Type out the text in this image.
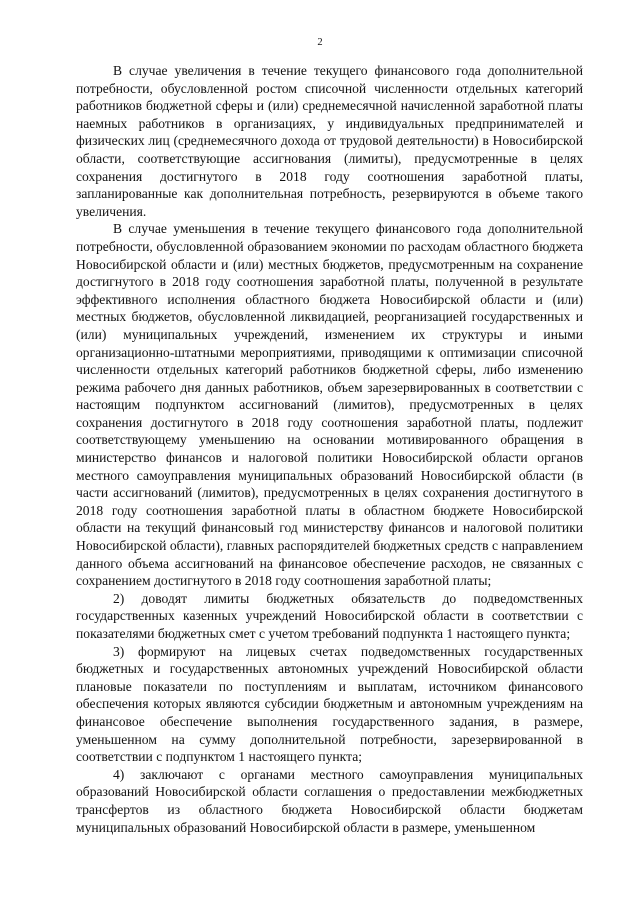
2

В случае увеличения в течение текущего финансового года дополнительной потребности, обусловленной ростом списочной численности отдельных категорий работников бюджетной сферы и (или) среднемесячной начисленной заработной платы наемных работников в организациях, у индивидуальных предпринимателей и физических лиц (среднемесячного дохода от трудовой деятельности) в Новосибирской области, соответствующие ассигнования (лимиты), предусмотренные в целях сохранения достигнутого в 2018 году соотношения заработной платы, запланированные как дополнительная потребность, резервируются в объеме такого увеличения.

В случае уменьшения в течение текущего финансового года дополнительной потребности, обусловленной образованием экономии по расходам областного бюджета Новосибирской области и (или) местных бюджетов, предусмотренным на сохранение достигнутого в 2018 году соотношения заработной платы, полученной в результате эффективного исполнения областного бюджета Новосибирской области и (или) местных бюджетов, обусловленной ликвидацией, реорганизацией государственных и (или) муниципальных учреждений, изменением их структуры и иными организационно-штатными мероприятиями, приводящими к оптимизации списочной численности отдельных категорий работников бюджетной сферы, либо изменению режима рабочего дня данных работников, объем зарезервированных в соответствии с настоящим подпунктом ассигнований (лимитов), предусмотренных в целях сохранения достигнутого в 2018 году соотношения заработной платы, подлежит соответствующему уменьшению на основании мотивированного обращения в министерство финансов и налоговой политики Новосибирской области органов местного самоуправления муниципальных образований Новосибирской области (в части ассигнований (лимитов), предусмотренных в целях сохранения достигнутого в 2018 году соотношения заработной платы в областном бюджете Новосибирской области на текущий финансовый год министерству финансов и налоговой политики Новосибирской области), главных распорядителей бюджетных средств с направлением данного объема ассигнований на финансовое обеспечение расходов, не связанных с сохранением достигнутого в 2018 году соотношения заработной платы;

2) доводят лимиты бюджетных обязательств до подведомственных государственных казенных учреждений Новосибирской области в соответствии с показателями бюджетных смет с учетом требований подпункта 1 настоящего пункта;

3) формируют на лицевых счетах подведомственных государственных бюджетных и государственных автономных учреждений Новосибирской области плановые показатели по поступлениям и выплатам, источником финансового обеспечения которых являются субсидии бюджетным и автономным учреждениям на финансовое обеспечение выполнения государственного задания, в размере, уменьшенном на сумму дополнительной потребности, зарезервированной в соответствии с подпунктом 1 настоящего пункта;

4) заключают с органами местного самоуправления муниципальных образований Новосибирской области соглашения о предоставлении межбюджетных трансфертов из областного бюджета Новосибирской области бюджетам муниципальных образований Новосибирской области в размере, уменьшенном
